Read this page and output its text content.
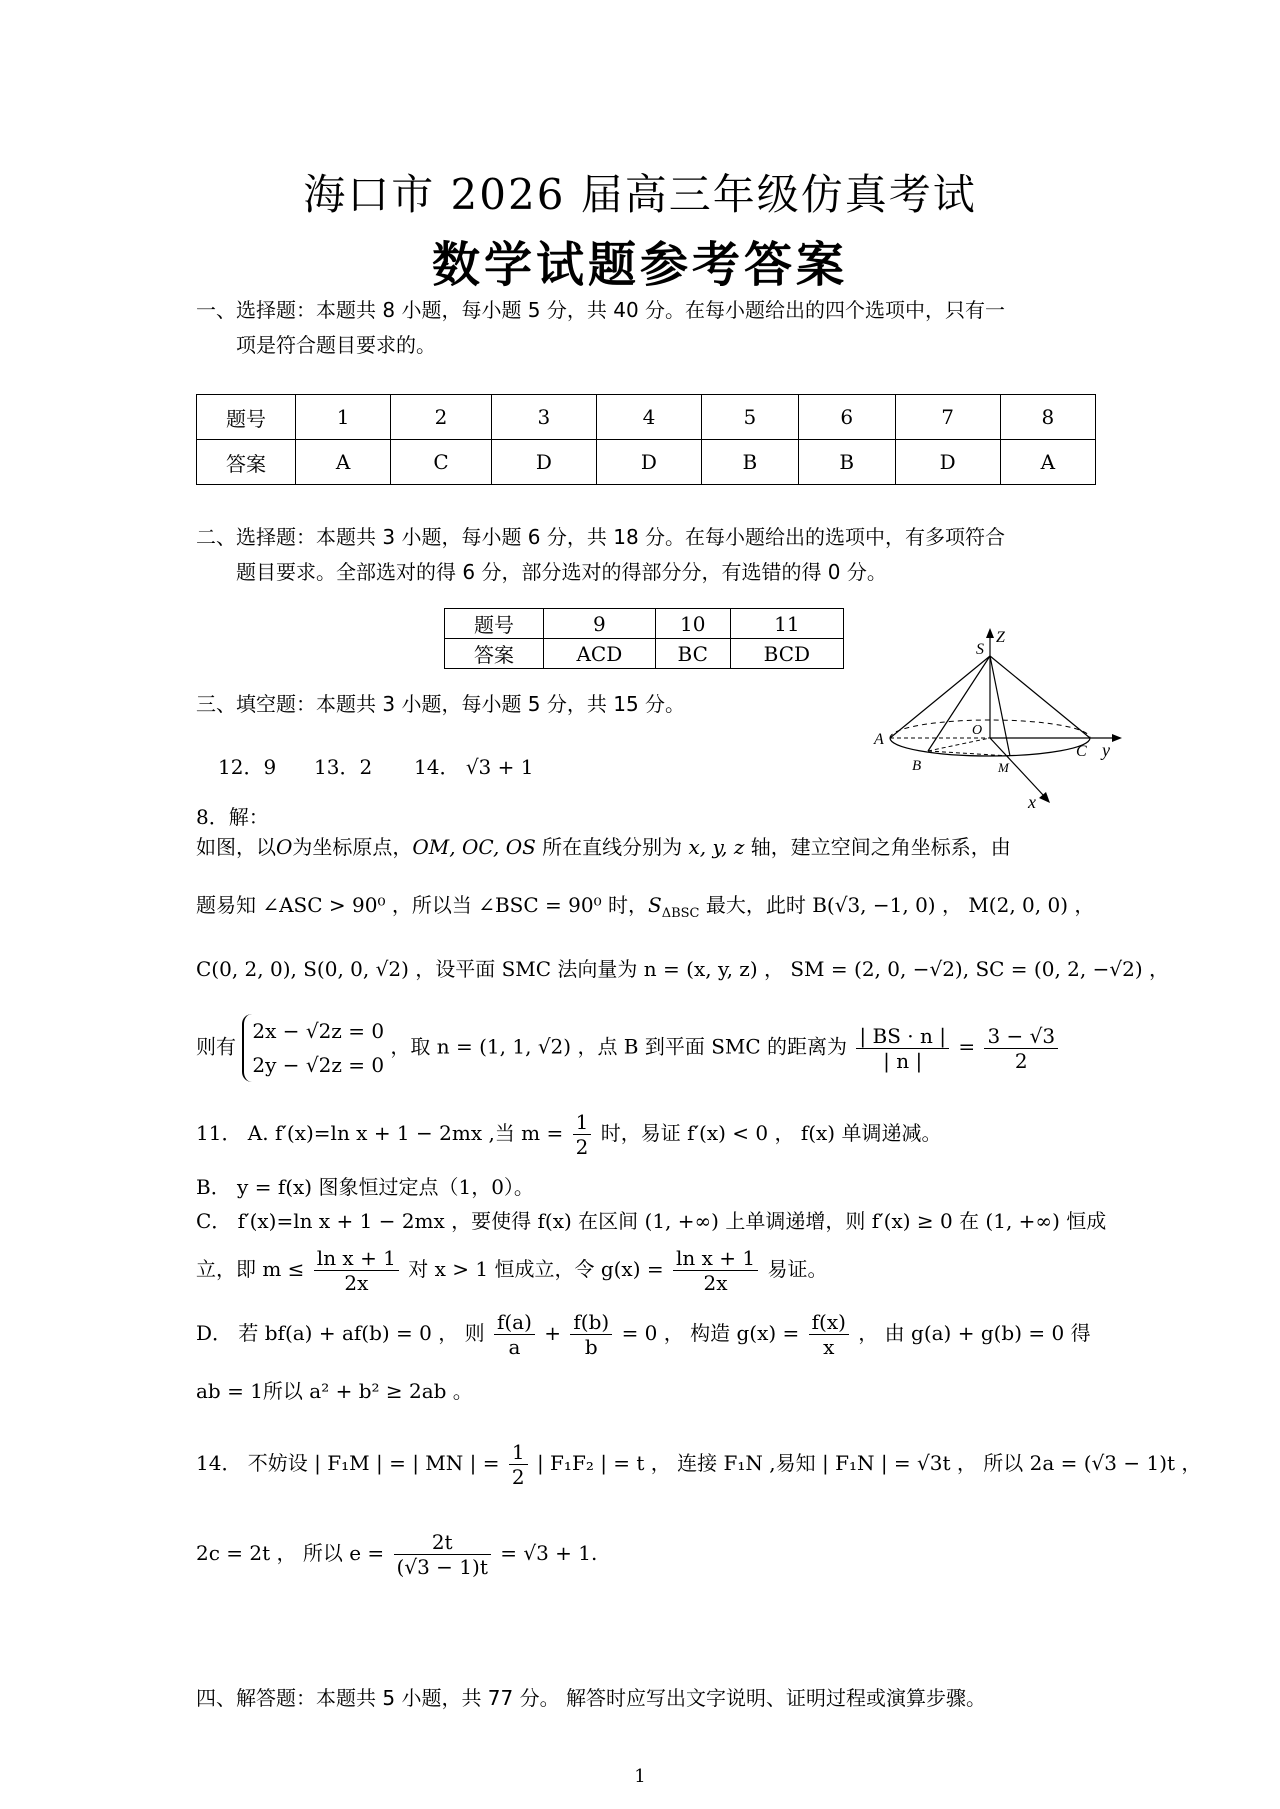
海口市 2026 届高三年级仿真考试
数学试题参考答案
一、选择题：本题共 8 小题，每小题 5 分，共 40 分。在每小题给出的四个选项中，只有一
项是符合题目要求的。
题号	1	2	3	4	5	6	7	8
答案	A	C	D	D	B	B	D	A
二、选择题：本题共 3 小题，每小题 6 分，共 18 分。在每小题给出的选项中，有多项符合
题目要求。全部选对的得 6 分，部分选对的得部分分，有选错的得 0 分。
题号	9	10	11
答案	ACD	BC	BCD
三、填空题：本题共 3 小题，每小题 5 分，共 15 分。
12．9 13．2 14． √3 + 1
Z
S
O
A
B	M
C y
x
8．解：
如图，以O为坐标原点，OM, OC, OS 所在直线分别为 x, y, z 轴，建立空间之角坐标系，由
题易知 ∠ASC > 90⁰ ，所以当 ∠BSC = 90⁰ 时，$S_{\Delta BSC}$ 最大，此时 B(√3, −1, 0) ， M(2, 0, 0) ，
C(0, 2, 0), S(0, 0, √2) ，设平面 SMC 法向量为 n = (x, y, z) ， SM = (2, 0, −√2), SC = (0, 2, −√2) ，
则有
2x − √2z = 0
2y − √2z = 0
，取 n = (1, 1, √2) ，点 B 到平面 SMC 的距离为 $\frac{| BS \cdot n |}{| n |} = \frac{3 - √3}{2}$
11． A. f′(x)=ln x + 1 − 2mx ,当 $m = \frac{1}{2}$ 时，易证 f′(x) < 0 ， f(x) 单调递减。
B． y = f(x) 图象恒过定点（1，0）。
C． f′(x)=ln x + 1 − 2mx ，要使得 f(x) 在区间 (1, +∞) 上单调递增，则 f′(x) ≥ 0 在 (1, +∞) 恒成
立，即 $m \le \frac{\text{ln x + 1}}{2x}$ 对 x > 1 恒成立，令 $g(x) = \frac{\text{ln x + 1}}{2x}$ 易证。
D． 若 bf(a) + af(b) = 0 ， 则 $\frac{f(a)}{a} + \frac{f(b)}{b} = 0$ ， 构造 $g(x) = \frac{f(x)}{x}$ ， 由 g(a) + g(b) = 0 得
ab = 1所以 a² + b² ≥ 2ab 。
14． 不妨设 | F₁M | = | MN | = $\frac{1}{2}$ | F₁F₂ | = t ， 连接 F₁N ,易知 | F₁N | = √3t ， 所以 2a = (√3 − 1)t ，
2c = 2t ， 所以 $e = \frac{2t}{(√3 - 1)t} = √3 + 1$.
四、解答题：本题共 5 小题，共 77 分。 解答时应写出文字说明、证明过程或演算步骤。
1
